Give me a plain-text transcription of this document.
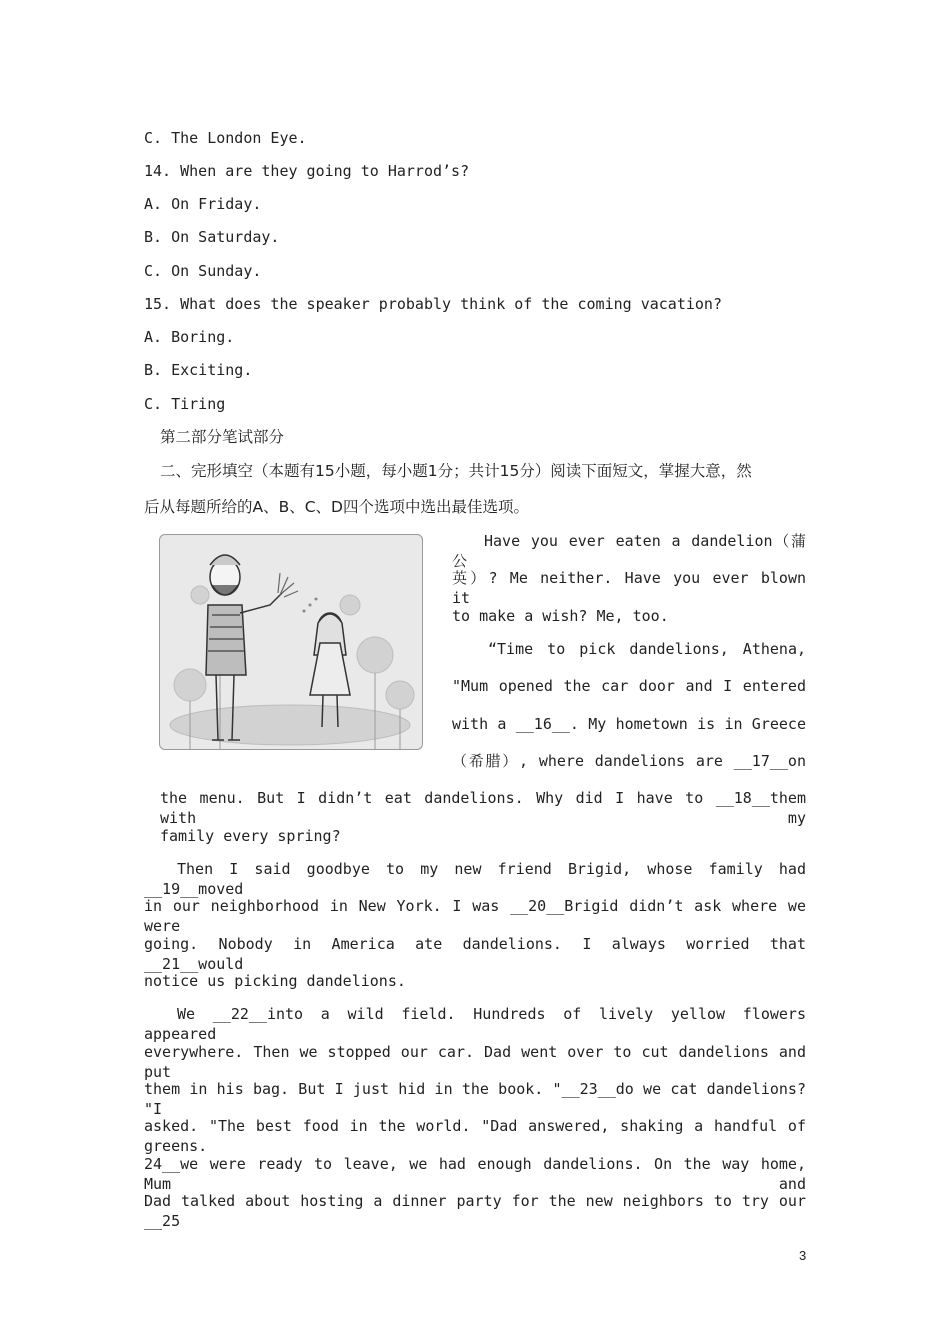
C. The London Eye.
14. When are they going to Harrod’s?
A. On Friday.
B. On Saturday.
C. On Sunday.
15. What does the speaker probably think of the coming vacation?
A. Boring.
B. Exciting.
C. Tiring
第二部分笔试部分
二、完形填空（本题有15小题，每小题1分；共计15分）阅读下面短文，掌握大意，然
后从每题所给的A、B、C、D四个选项中选出最佳选项。
Have you ever eaten a dandelion（蒲公
英）? Me neither. Have you ever blown it
to make a wish? Me, too.
“Time to pick dandelions, Athena,
"Mum opened the car door and I entered
with a __16__. My hometown is in Greece
（希腊）, where dandelions are __17__on
the menu. But I didn’t eat dandelions. Why did I have to __18__them with my
family every spring?
Then I said goodbye to my new friend Brigid, whose family had __19__moved
in our neighborhood in New York. I was __20__Brigid didn’t ask where we were
going. Nobody in America ate dandelions. I always worried that __21__would
notice us picking dandelions.
We __22__into a wild field. Hundreds of lively yellow flowers appeared
everywhere. Then we stopped our car. Dad went over to cut dandelions and put
them in his bag. But I just hid in the book. "__23__do we cat dandelions? "I
asked. "The best food in the world. "Dad answered, shaking a handful of greens.
24__we were ready to leave, we had enough dandelions. On the way home, Mum and
Dad talked about hosting a dinner party for the new neighbors to try our __25
3
